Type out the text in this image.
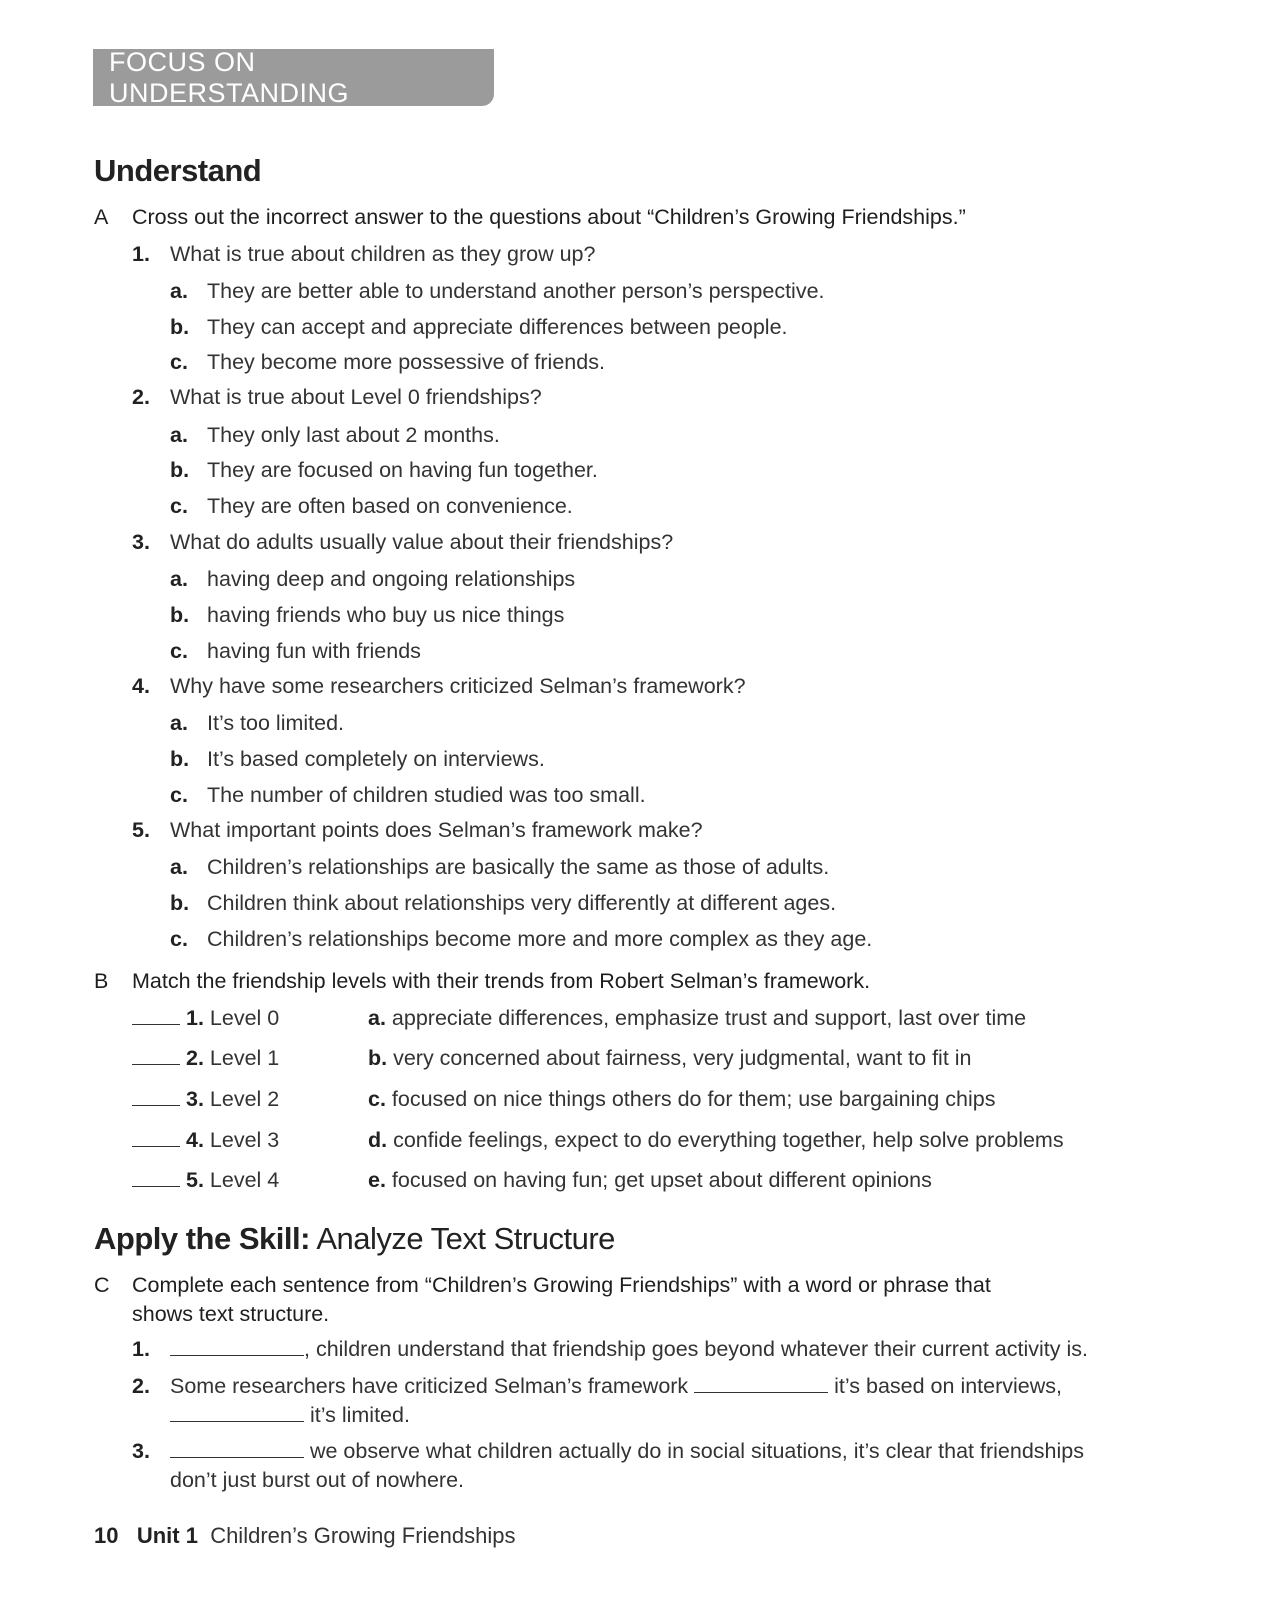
FOCUS ON UNDERSTANDING
Understand
A	Cross out the incorrect answer to the questions about “Children’s Growing Friendships.”
1. What is true about children as they grow up?
a. They are better able to understand another person’s perspective.
b. They can accept and appreciate differences between people.
c. They become more possessive of friends.
2. What is true about Level 0 friendships?
a. They only last about 2 months.
b. They are focused on having fun together.
c. They are often based on convenience.
3. What do adults usually value about their friendships?
a. having deep and ongoing relationships
b. having friends who buy us nice things
c. having fun with friends
4. Why have some researchers criticized Selman’s framework?
a. It’s too limited.
b. It’s based completely on interviews.
c. The number of children studied was too small.
5. What important points does Selman’s framework make?
a. Children’s relationships are basically the same as those of adults.
b. Children think about relationships very differently at different ages.
c. Children’s relationships become more and more complex as they age.
B	Match the friendship levels with their trends from Robert Selman’s framework.
1. Level 0	a. appreciate differences, emphasize trust and support, last over time
2. Level 1	b. very concerned about fairness, very judgmental, want to fit in
3. Level 2	c. focused on nice things others do for them; use bargaining chips
4. Level 3	d. confide feelings, expect to do everything together, help solve problems
5. Level 4	e. focused on having fun; get upset about different opinions
Apply the Skill: Analyze Text Structure
C	Complete each sentence from “Children’s Growing Friendships” with a word or phrase that
shows text structure.
1.	, children understand that friendship goes beyond whatever their current activity is.
2. Some researchers have criticized Selman’s framework	it’s based on interviews,
it’s limited.
3.	we observe what children actually do in social situations, it’s clear that friendships
don’t just burst out of nowhere.
10 Unit 1 Children’s Growing Friendships
